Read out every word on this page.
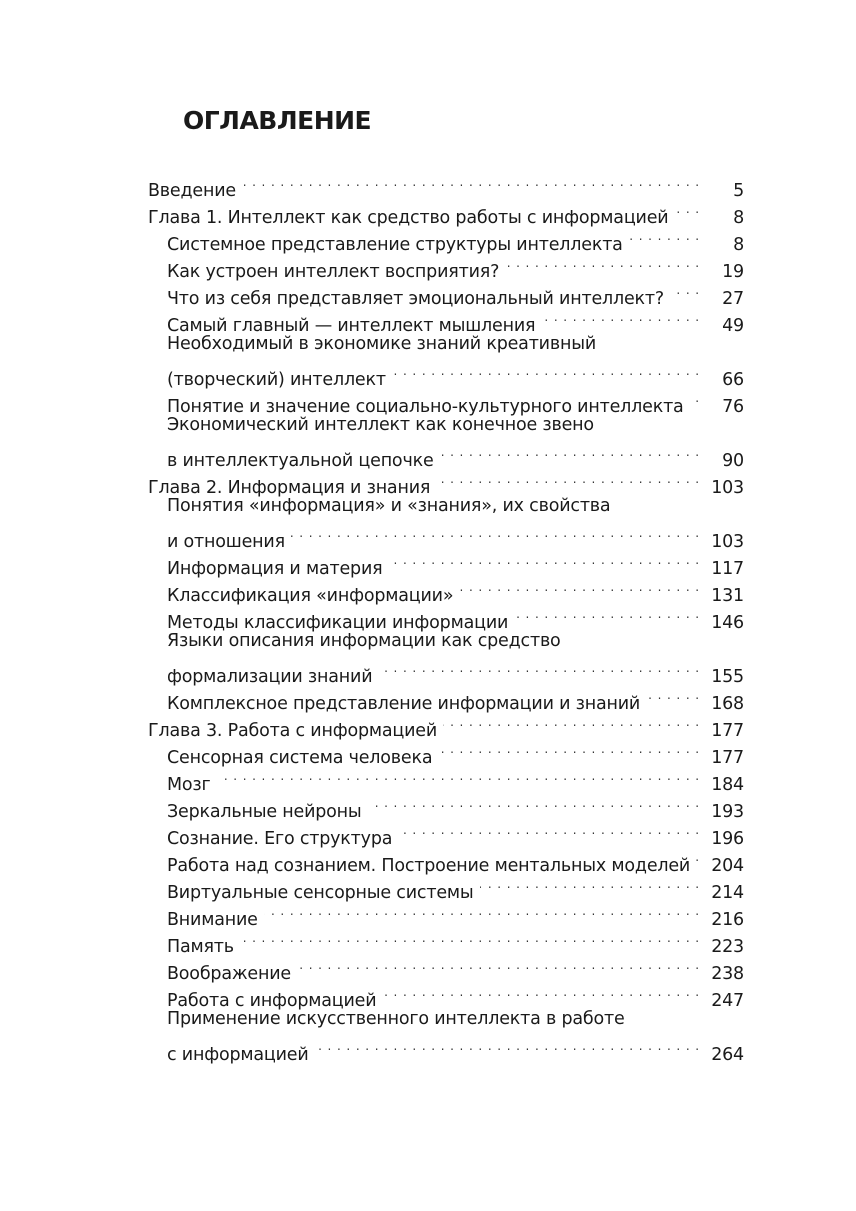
ОГЛАВЛЕНИЕ
Введение . . .	5
Глава 1. Интеллект как средство работы с информацией . . .	8
Системное представление структуры интеллекта . . .	8
Как устроен интеллект восприятия? . . .	19
Что из себя представляет эмоциональный интеллект? . . .	27
Самый главный — интеллект мышления . . .	49
Необходимый в экономике знаний креативный
(творческий) интеллект . . .	66
Понятие и значение социально-культурного интеллекта . . .	76
Экономический интеллект как конечное звено
в интеллектуальной цепочке . . .	90
Глава 2. Информация и знания . . .	103
Понятия «информация» и «знания», их свойства
и отношения . . .	103
Информация и материя . . .	117
Классификация «информации» . . .	131
Методы классификации информации . . .	146
Языки описания информации как средство
формализации знаний . . .	155
Комплексное представление информации и знаний . . .	168
Глава 3. Работа с информацией . . .	177
Сенсорная система человека . . .	177
Мозг . . .	184
Зеркальные нейроны . . .	193
Сознание. Его структура . . .	196
Работа над сознанием. Построение ментальных моделей . . .	204
Виртуальные сенсорные системы . . .	214
Внимание . . .	216
Память . . .	223
Воображение . . .	238
Работа с информацией . . .	247
Применение искусственного интеллекта в работе
с информацией . . .	264
